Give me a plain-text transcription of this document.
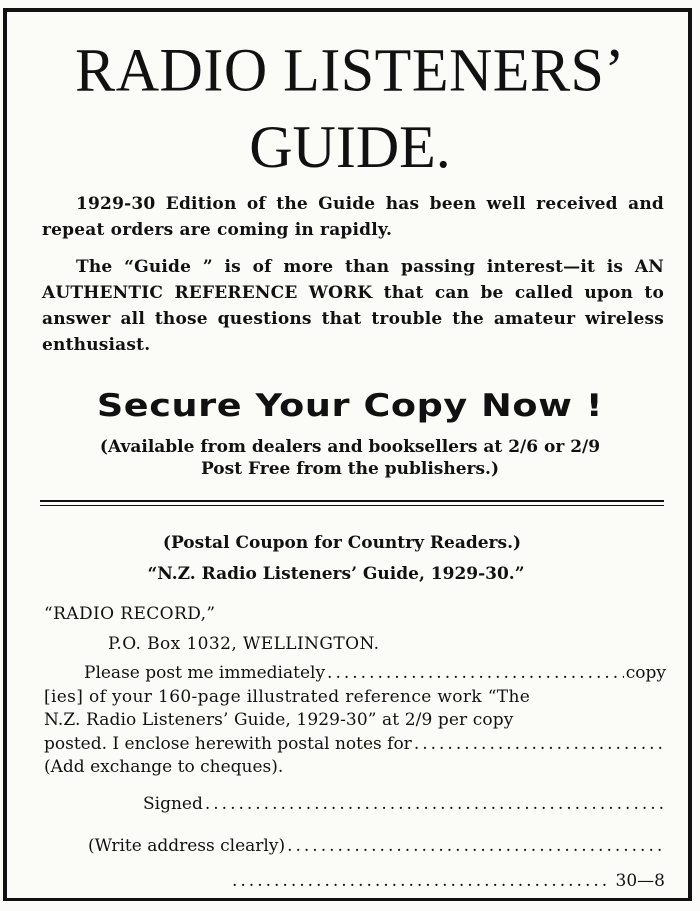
RADIO LISTENERS’
GUIDE.
1929-30 Edition of the Guide has been well received and repeat orders are coming in rapidly.
The “Guide ” is of more than passing interest—it is AN AUTHENTIC REFERENCE WORK that can be called upon to answer all those questions that trouble the amateur wireless enthusiast.
Secure Your Copy Now !
(Available from dealers and booksellers at 2/6 or 2/9
Post Free from the publishers.)
(Postal Coupon for Country Readers.)
“N.Z. Radio Listeners’ Guide, 1929-30.”
“RADIO RECORD,”
P.O. Box 1032, WELLINGTON.
Please post me immediately
.....	copy
[ies] of your 160-page illustrated reference work “The
N.Z. Radio Listeners’ Guide, 1929-30” at 2/9 per copy
posted. I enclose herewith postal notes for
.....
(Add exchange to cheques).
Signed
.....
(Write address clearly)
.....
.....
30—8
